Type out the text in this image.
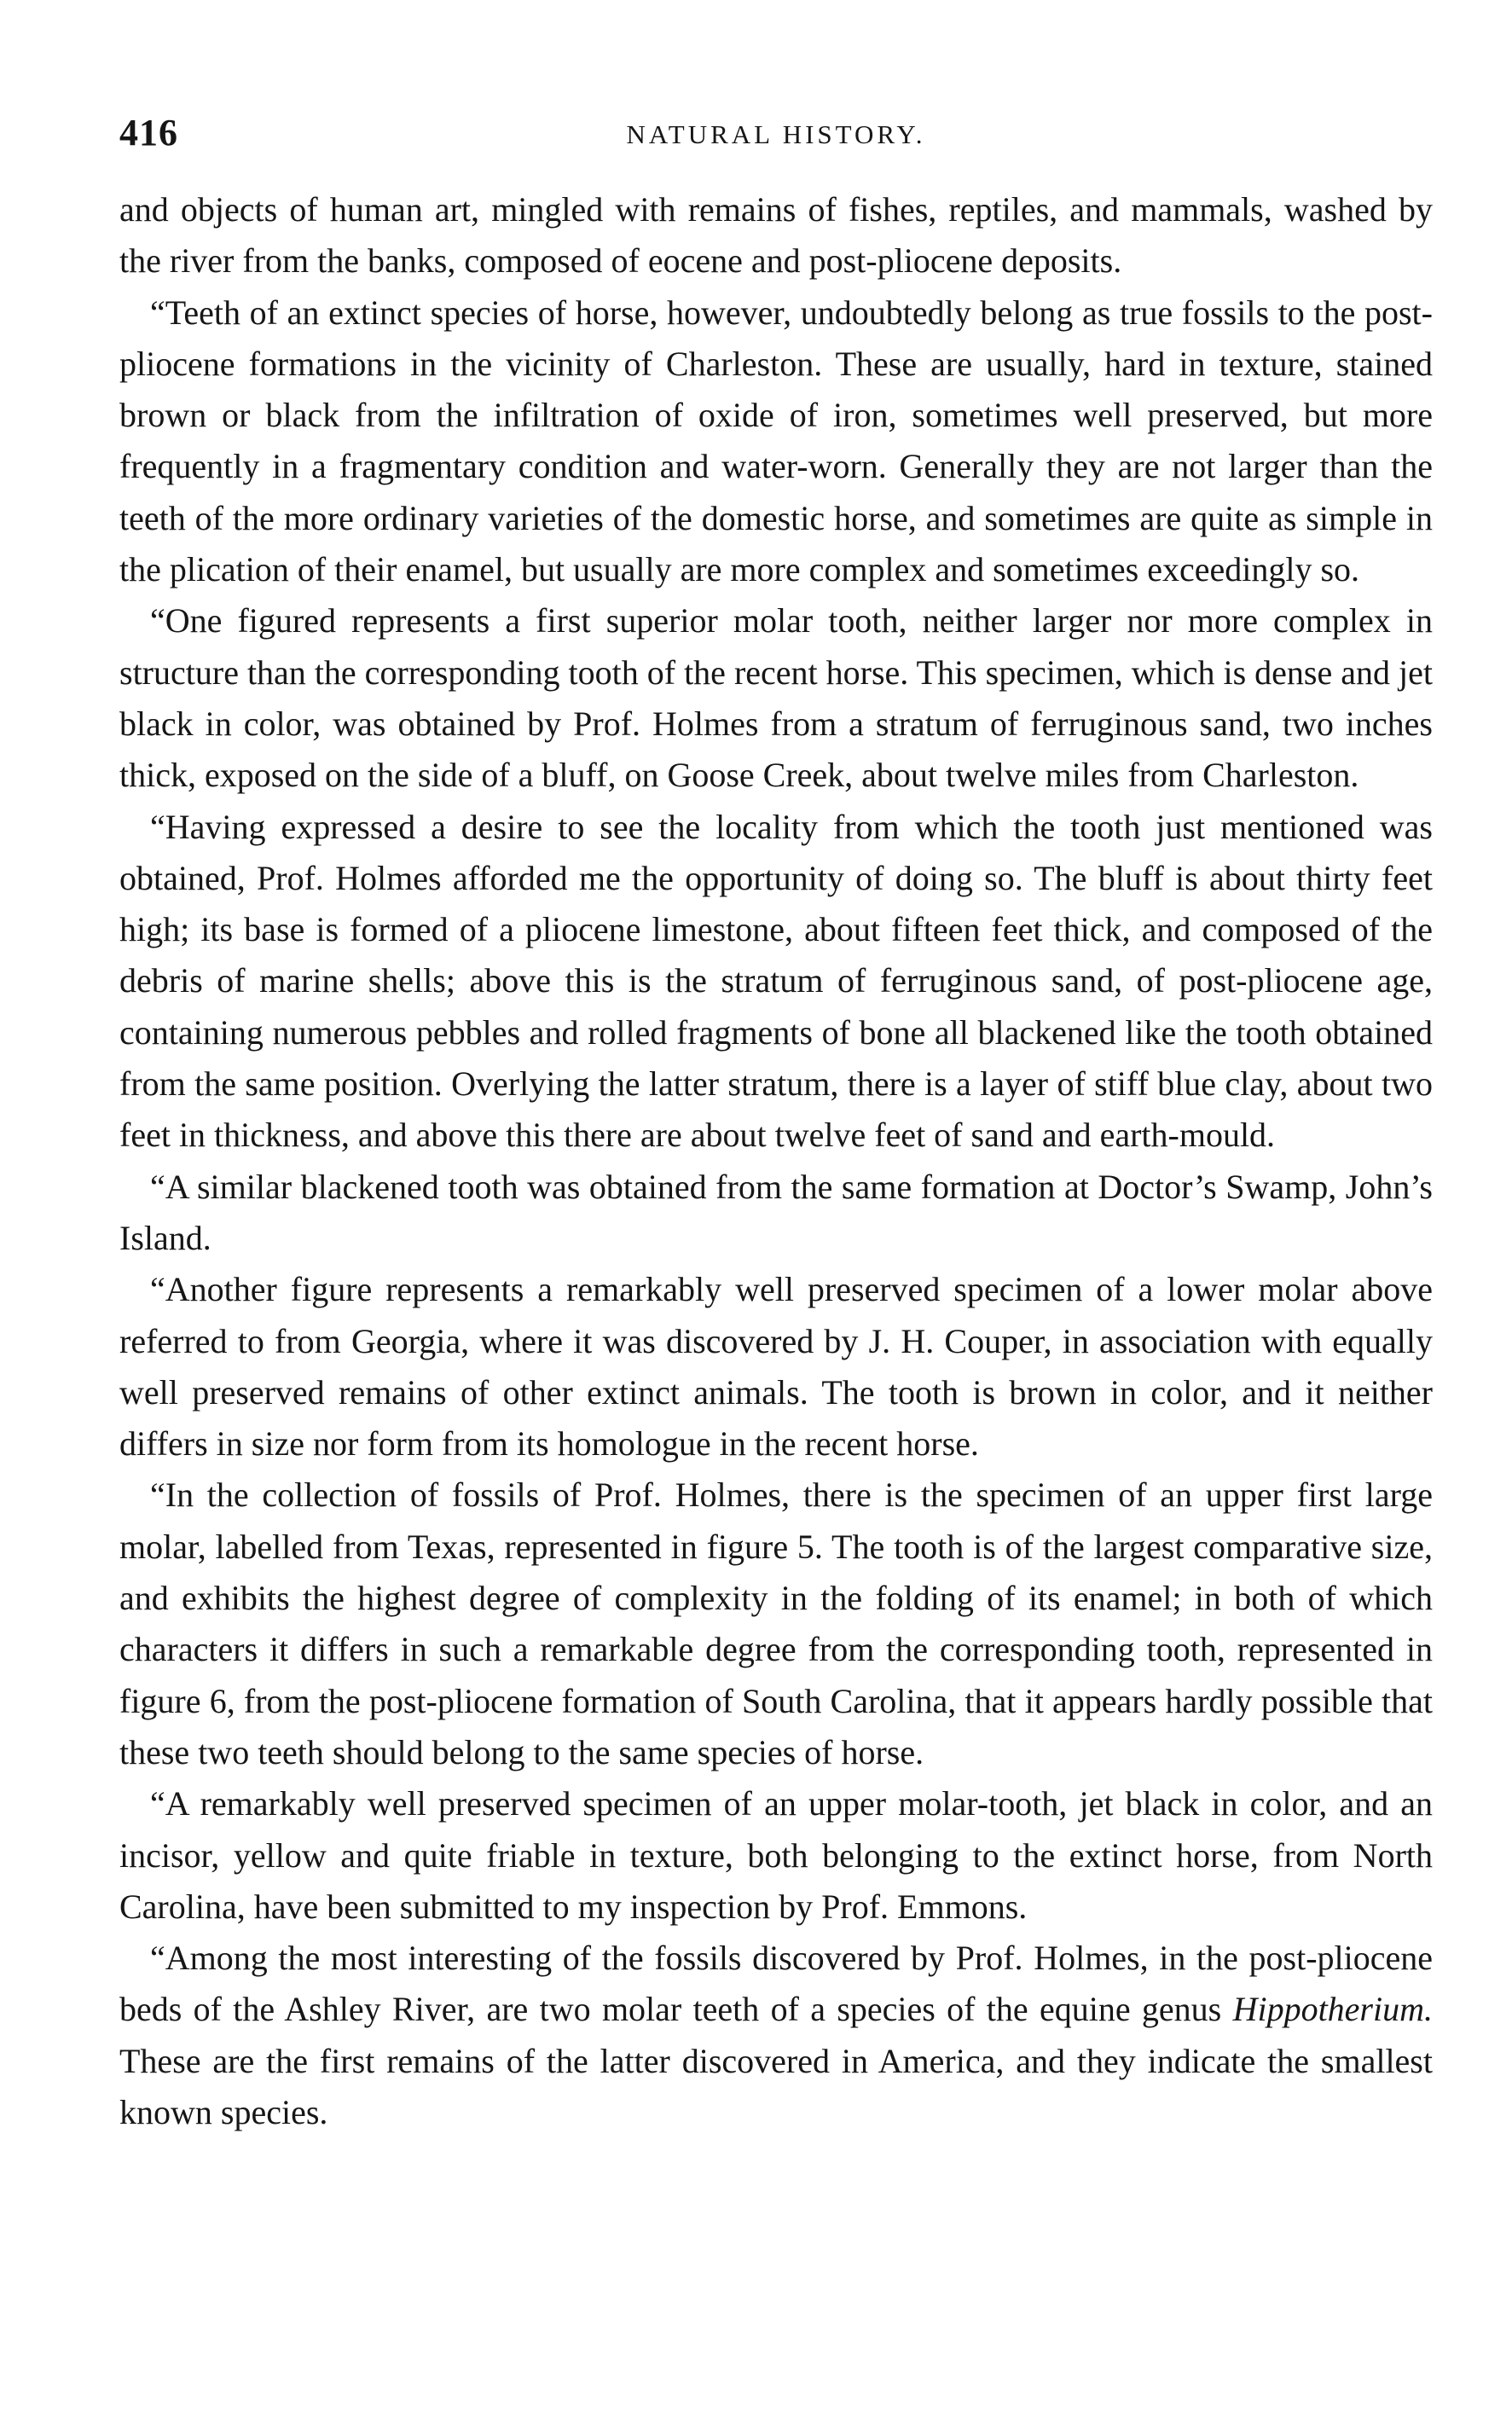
416	NATURAL HISTORY.

and objects of human art, mingled with remains of fishes, reptiles, and mammals, washed by the river from the banks, composed of eocene and post-pliocene deposits.

“Teeth of an extinct species of horse, however, undoubtedly belong as true fossils to the post-pliocene formations in the vicinity of Charleston. These are usually, hard in texture, stained brown or black from the infiltration of oxide of iron, sometimes well preserved, but more frequently in a fragmentary condition and water-worn. Generally they are not larger than the teeth of the more ordinary varieties of the domestic horse, and sometimes are quite as simple in the plication of their enamel, but usually are more complex and sometimes exceedingly so.

“One figured represents a first superior molar tooth, neither larger nor more complex in structure than the corresponding tooth of the recent horse. This specimen, which is dense and jet black in color, was obtained by Prof. Holmes from a stratum of ferruginous sand, two inches thick, exposed on the side of a bluff, on Goose Creek, about twelve miles from Charleston.

“Having expressed a desire to see the locality from which the tooth just mentioned was obtained, Prof. Holmes afforded me the opportunity of doing so. The bluff is about thirty feet high; its base is formed of a pliocene limestone, about fifteen feet thick, and composed of the debris of marine shells; above this is the stratum of ferruginous sand, of post-pliocene age, containing numerous pebbles and rolled fragments of bone all blackened like the tooth obtained from the same position. Overlying the latter stratum, there is a layer of stiff blue clay, about two feet in thickness, and above this there are about twelve feet of sand and earth-mould.

“A similar blackened tooth was obtained from the same formation at Doctor’s Swamp, John’s Island.

“Another figure represents a remarkably well preserved specimen of a lower molar above referred to from Georgia, where it was discovered by J. H. Couper, in association with equally well preserved remains of other extinct animals. The tooth is brown in color, and it neither differs in size nor form from its homologue in the recent horse.

“In the collection of fossils of Prof. Holmes, there is the specimen of an upper first large molar, labelled from Texas, represented in figure 5. The tooth is of the largest comparative size, and exhibits the highest degree of complexity in the folding of its enamel; in both of which characters it differs in such a remarkable degree from the corresponding tooth, represented in figure 6, from the post-pliocene formation of South Carolina, that it appears hardly possible that these two teeth should belong to the same species of horse.

“A remarkably well preserved specimen of an upper molar-tooth, jet black in color, and an incisor, yellow and quite friable in texture, both belonging to the extinct horse, from North Carolina, have been submitted to my inspection by Prof. Emmons.

“Among the most interesting of the fossils discovered by Prof. Holmes, in the post-pliocene beds of the Ashley River, are two molar teeth of a species of the equine genus Hippotherium. These are the first remains of the latter discovered in America, and they indicate the smallest known species.
